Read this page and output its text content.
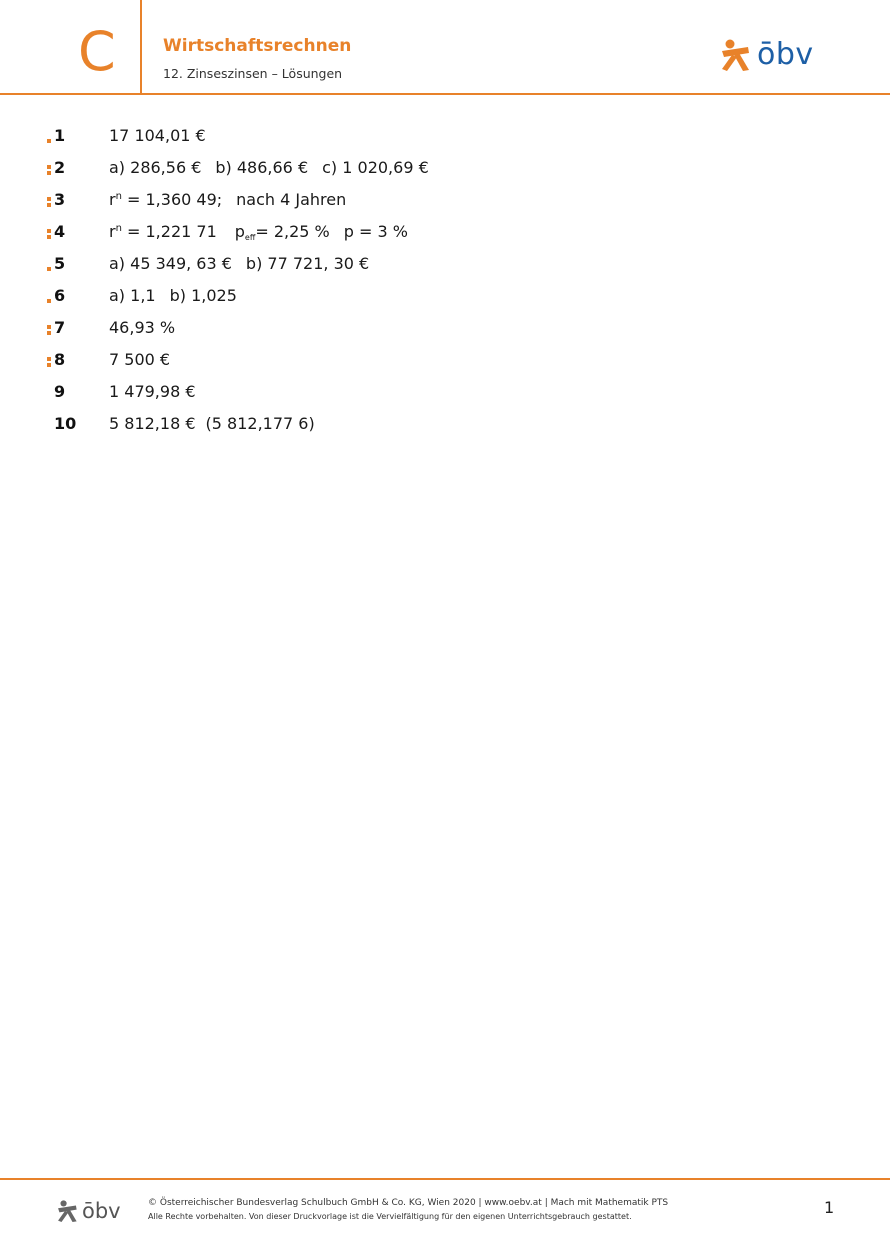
C	Wirtschaftsrechnen
12. Zinseszinsen – Lösungen
ōbv
1	17 104,01 €
2	a) 286,56 € b) 486,66 € c) 1 020,69 €
3	$r^n = 1,360$ 49; nach 4 Jahren
4	$r^n = 1,221$ 71 $p_{eff}= 2,25$ % p = 3 %
5	a) 45 349, 63 € b) 77 721, 30 €
6	a) 1,1 b) 1,025
7	46,93 %
8	7 500 €
9	1 479,98 €
10	5 812,18 € (5 812,177 6)
ōbv	© Österreichischer Bundesverlag Schulbuch GmbH & Co. KG, Wien 2020 | www.oebv.at | Mach mit Mathematik PTS
Alle Rechte vorbehalten. Von dieser Druckvorlage ist die Vervielfältigung für den eigenen Unterrichtsgebrauch gestattet.	1
